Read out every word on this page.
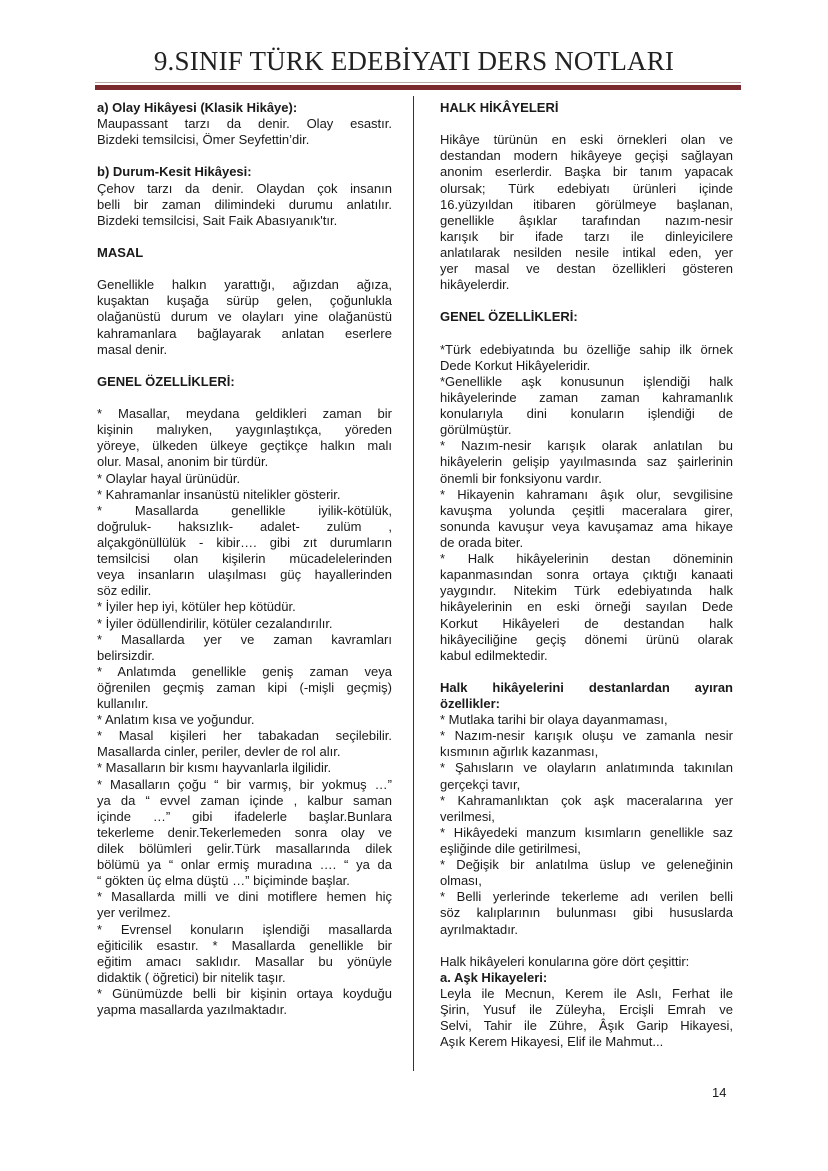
9.SINIF TÜRK EDEBİYATI DERS NOTLARI
a) Olay Hikâyesi (Klasik Hikâye):
Maupassant tarzı da denir. Olay esastır.
Bizdeki temsilcisi, Ömer Seyfettin’dir.
b) Durum-Kesit Hikâyesi:
Çehov tarzı da denir. Olaydan çok insanın
belli bir zaman dilimindeki durumu anlatılır.
Bizdeki temsilcisi, Sait Faik Abasıyanık'tır.
MASAL
Genellikle halkın yarattığı, ağızdan ağıza,
kuşaktan kuşağa sürüp gelen, çoğunlukla
olağanüstü durum ve olayları yine olağanüstü
kahramanlara bağlayarak anlatan eserlere
masal denir.
GENEL ÖZELLİKLERİ:
* Masallar, meydana geldikleri zaman bir
kişinin malıyken, yaygınlaştıkça, yöreden
yöreye, ülkeden ülkeye geçtikçe halkın malı
olur. Masal, anonim bir türdür.
* Olaylar hayal ürünüdür.
* Kahramanlar insanüstü nitelikler gösterir.
* Masallarda genellikle iyilik-kötülük,
doğruluk- haksızlık- adalet- zulüm ,
alçakgönüllülük - kibir…. gibi zıt durumların
temsilcisi olan kişilerin mücadelelerinden
veya insanların ulaşılması güç hayallerinden
söz edilir.
* İyiler hep iyi, kötüler hep kötüdür.
* İyiler ödüllendirilir, kötüler cezalandırılır.
* Masallarda yer ve zaman kavramları
belirsizdir.
* Anlatımda genellikle geniş zaman veya
öğrenilen geçmiş zaman kipi (-mişli geçmiş)
kullanılır.
* Anlatım kısa ve yoğundur.
* Masal kişileri her tabakadan seçilebilir.
Masallarda cinler, periler, devler de rol alır.
* Masalların bir kısmı hayvanlarla ilgilidir.
* Masalların çoğu “ bir varmış, bir yokmuş …”
ya da “ evvel zaman içinde , kalbur saman
içinde …” gibi ifadelerle başlar.Bunlara
tekerleme denir.Tekerlemeden sonra olay ve
dilek bölümleri gelir.Türk masallarında dilek
bölümü ya “ onlar ermiş muradına …. “ ya da
“ gökten üç elma düştü …” biçiminde başlar.
* Masallarda milli ve dini motiflere hemen hiç
yer verilmez.
* Evrensel konuların işlendiği masallarda
eğiticilik esastır. * Masallarda genellikle bir
eğitim amacı saklıdır. Masallar bu yönüyle
didaktik ( öğretici) bir nitelik taşır.
* Günümüzde belli bir kişinin ortaya koyduğu
yapma masallarda yazılmaktadır.
HALK HİKÂYELERİ
Hikâye türünün en eski örnekleri olan ve
destandan modern hikâyeye geçişi sağlayan
anonim eserlerdir. Başka bir tanım yapacak
olursak; Türk edebiyatı ürünleri içinde
16.yüzyıldan itibaren görülmeye başlanan,
genellikle âşıklar tarafından nazım-nesir
karışık bir ifade tarzı ile dinleyicilere
anlatılarak nesilden nesile intikal eden, yer
yer masal ve destan özellikleri gösteren
hikâyelerdir.
GENEL ÖZELLİKLERİ:
*Türk edebiyatında bu özelliğe sahip ilk örnek
Dede Korkut Hikâyeleridir.
*Genellikle aşk konusunun işlendiği halk
hikâyelerinde zaman zaman kahramanlık
konularıyla dini konuların işlendiği de
görülmüştür.
* Nazım-nesir karışık olarak anlatılan bu
hikâyelerin gelişip yayılmasında saz şairlerinin
önemli bir fonksiyonu vardır.
* Hikayenin kahramanı âşık olur, sevgilisine
kavuşma yolunda çeşitli maceralara girer,
sonunda kavuşur veya kavuşamaz ama hikaye
de orada biter.
* Halk hikâyelerinin destan döneminin
kapanmasından sonra ortaya çıktığı kanaati
yaygındır. Nitekim Türk edebiyatında halk
hikâyelerinin en eski örneği sayılan Dede
Korkut Hikâyeleri de destandan halk
hikâyeciliğine geçiş dönemi ürünü olarak
kabul edilmektedir.
Halk hikâyelerini destanlardan ayıran
özellikler:
* Mutlaka tarihi bir olaya dayanmaması,
* Nazım-nesir karışık oluşu ve zamanla nesir
kısmının ağırlık kazanması,
* Şahısların ve olayların anlatımında takınılan
gerçekçi tavır,
* Kahramanlıktan çok aşk maceralarına yer
verilmesi,
* Hikâyedeki manzum kısımların genellikle saz
eşliğinde dile getirilmesi,
* Değişik bir anlatılma üslup ve geleneğinin
olması,
* Belli yerlerinde tekerleme adı verilen belli
söz kalıplarının bulunması gibi hususlarda
ayrılmaktadır.
Halk hikâyeleri konularına göre dört çeşittir:
a. Aşk Hikayeleri:
Leyla ile Mecnun, Kerem ile Aslı, Ferhat ile
Şirin, Yusuf ile Züleyha, Ercişli Emrah ve
Selvi, Tahir ile Zühre, Âşık Garip Hikayesi,
Aşık Kerem Hikayesi, Elif ile Mahmut...
14
